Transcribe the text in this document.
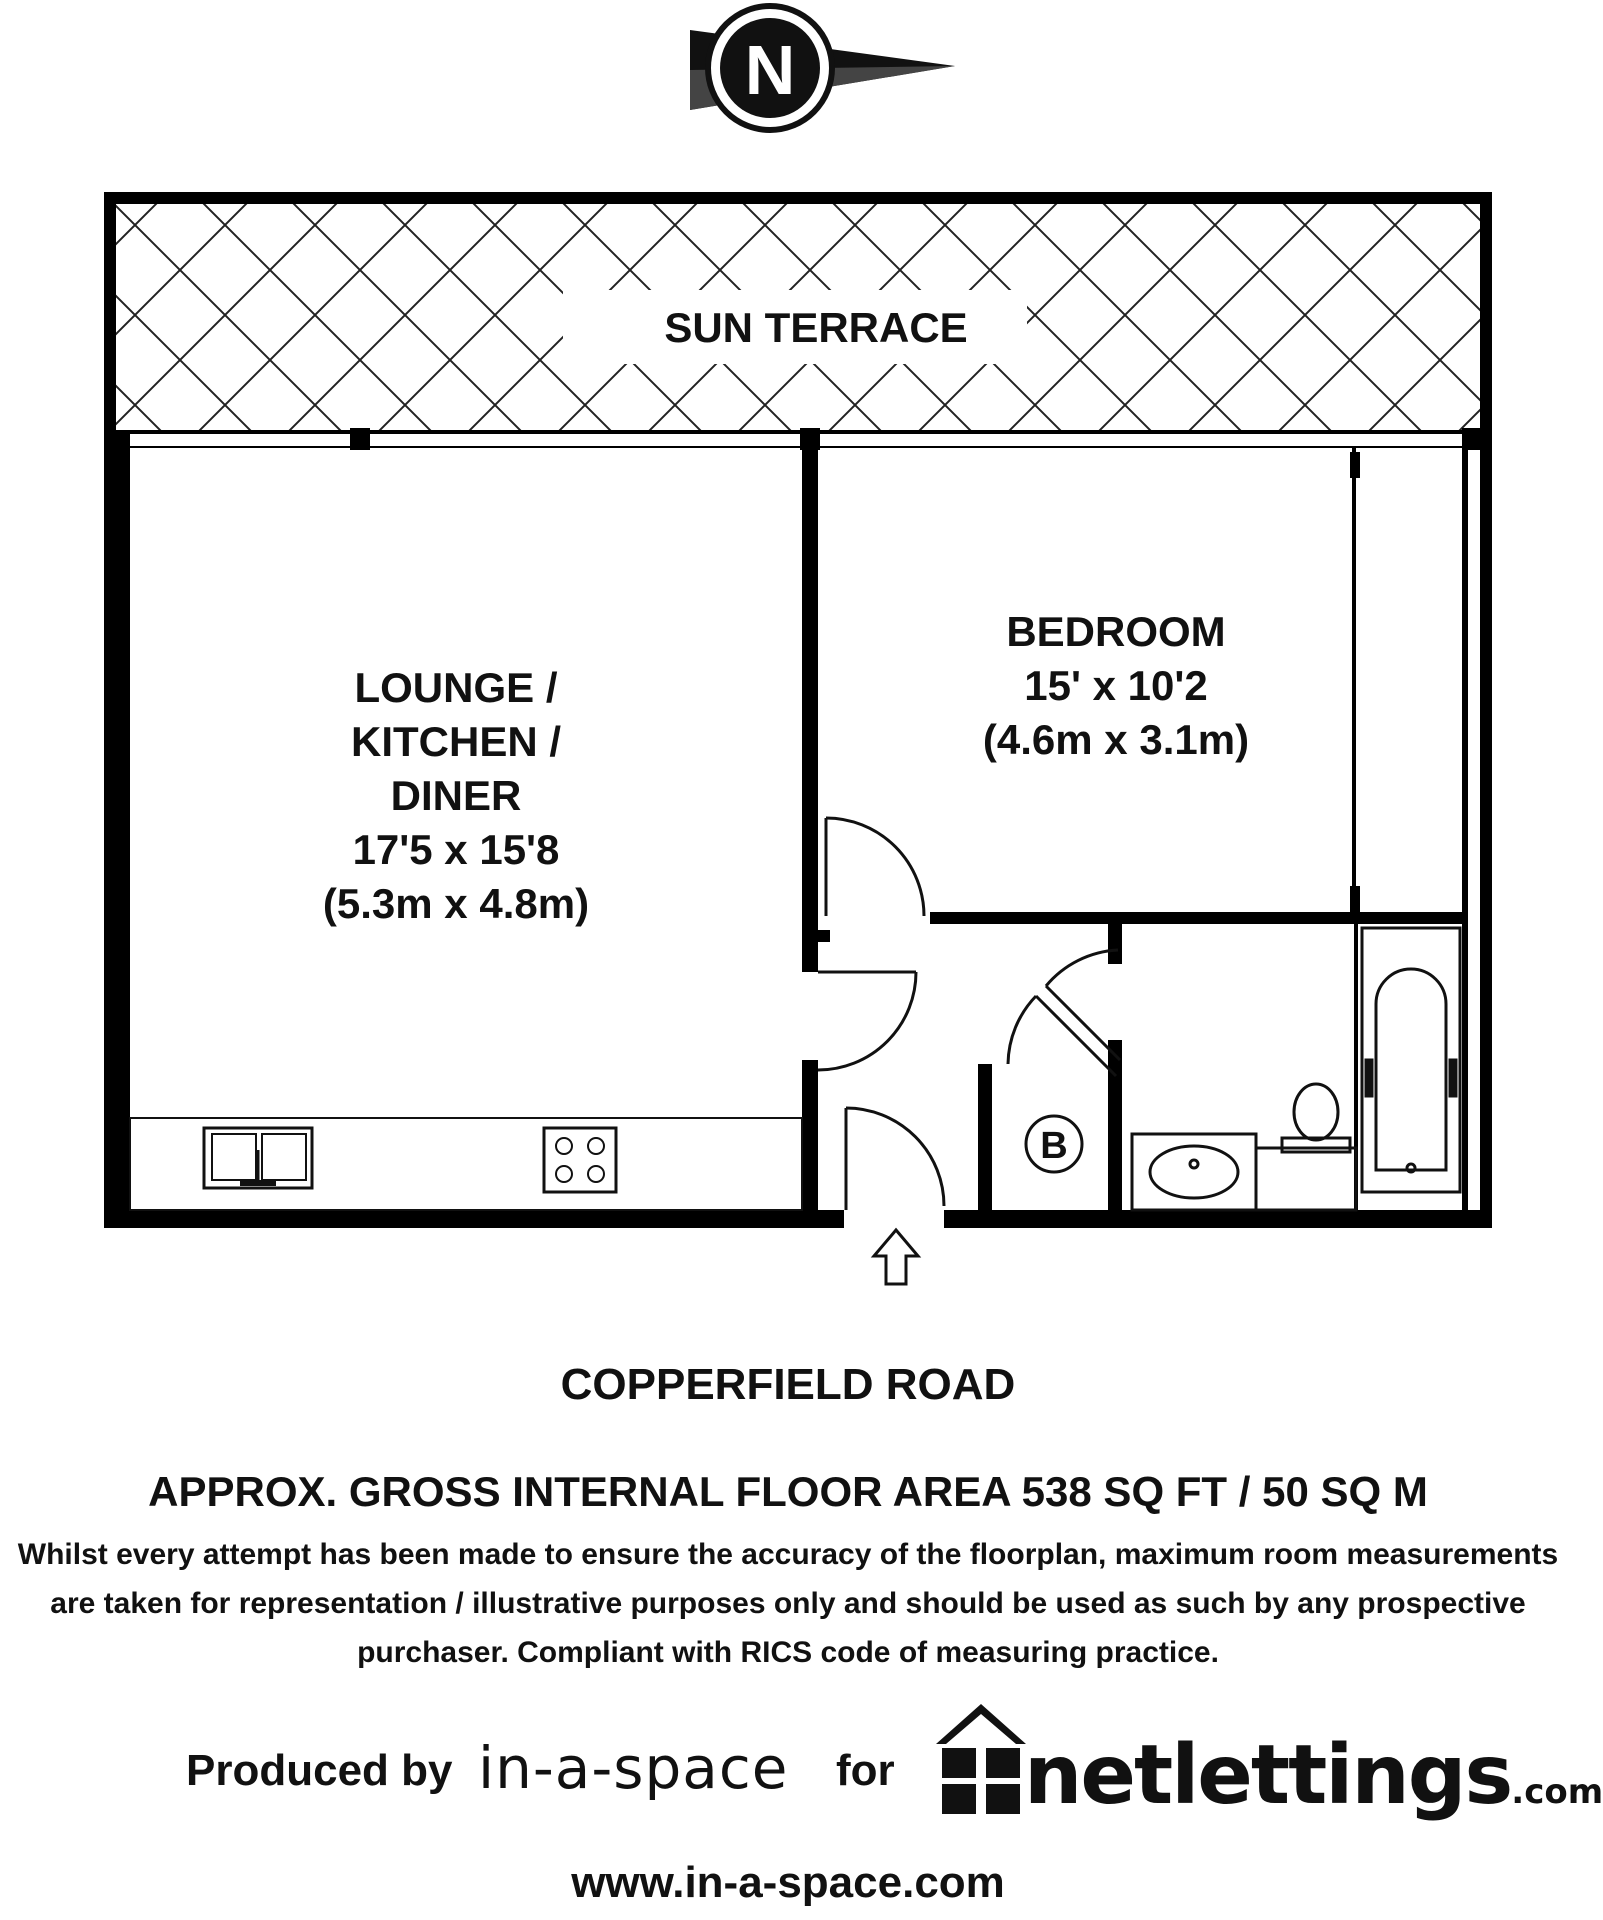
N
SUN TERRACE
B
LOUNGE /
KITCHEN /
DINER
17'5 x 15'8
(5.3m x 4.8m)
BEDROOM
15' x 10'2
(4.6m x 3.1m)
COPPERFIELD ROAD
APPROX. GROSS INTERNAL FLOOR AREA 538 SQ FT / 50 SQ M
Whilst every attempt has been made to ensure the accuracy of the floorplan, maximum room measurements are taken for representation / illustrative purposes only and should be used as such by any prospective purchaser. Compliant with RICS code of measuring practice.
Produced by in-a-space for netlettings.com
www.in-a-space.com
